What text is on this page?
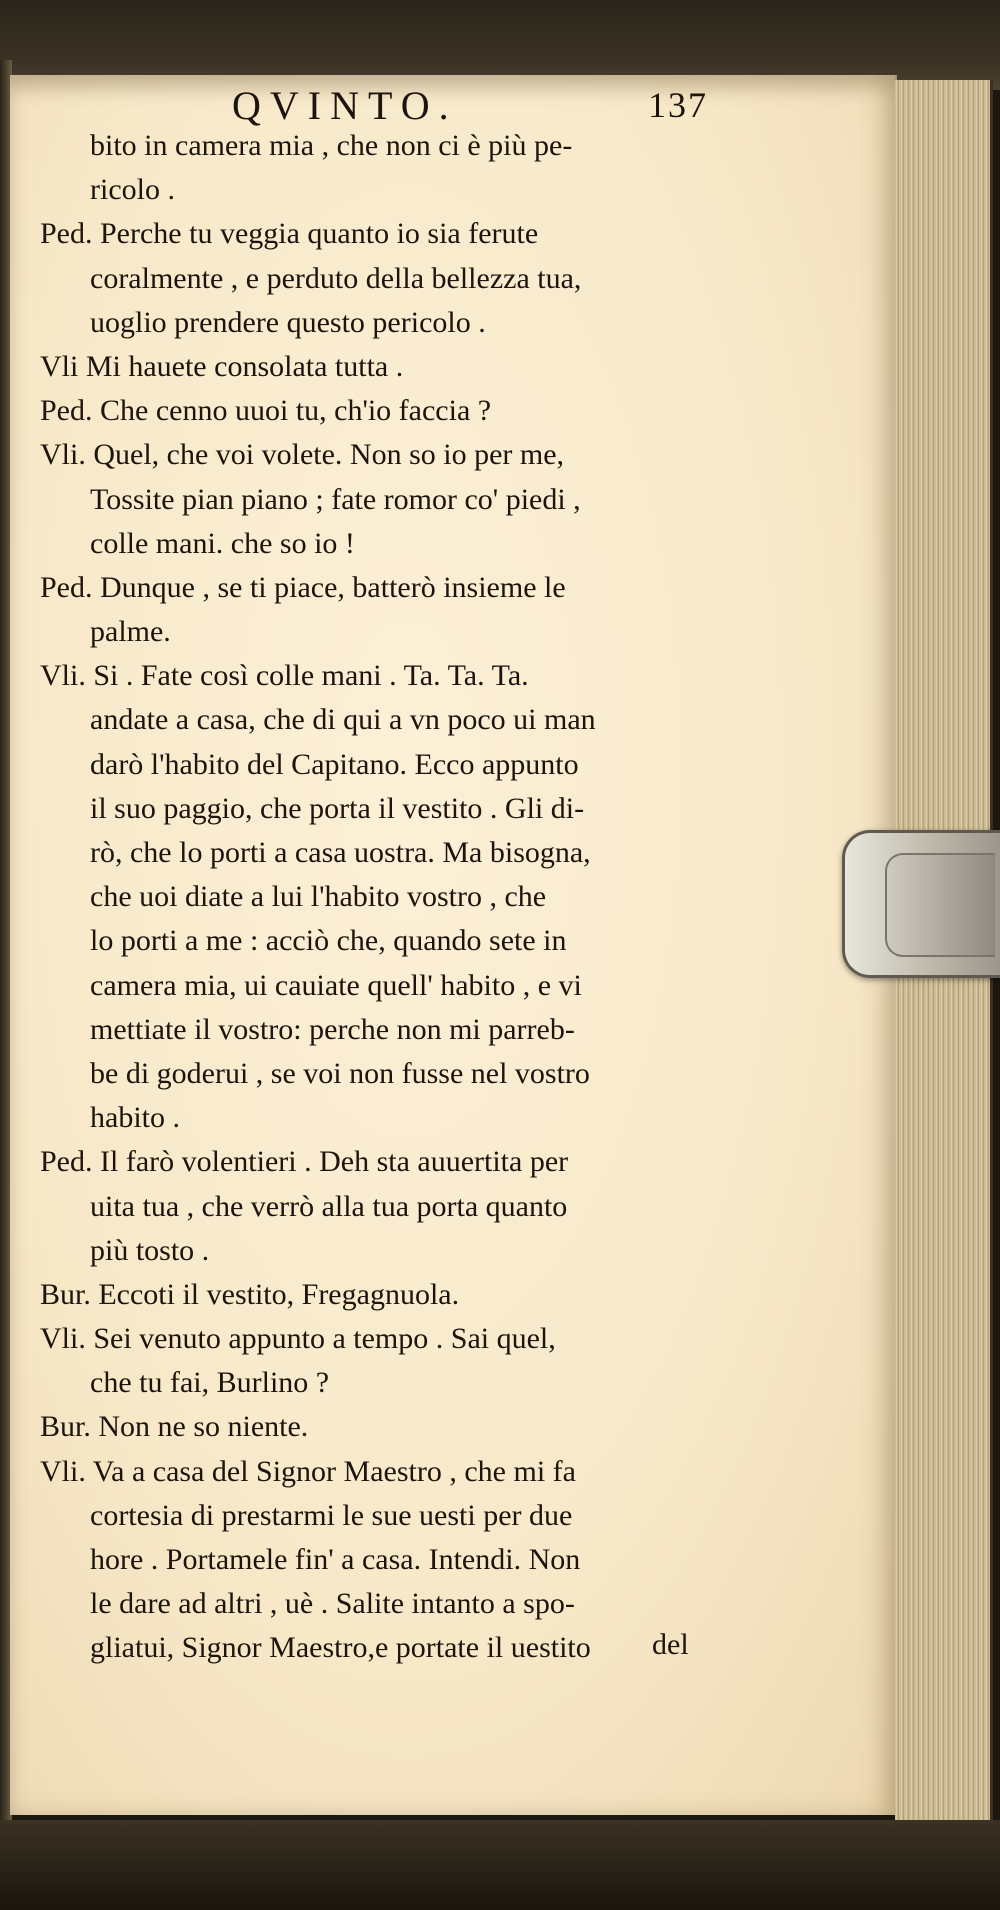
QVINTO.	137
bito in camera mia , che non ci è più pe-
ricolo .
Ped. Perche tu veggia quanto io sia ferute
coralmente , e perduto della bellezza tua,
uoglio prendere questo pericolo .
Vli Mi hauete consolata tutta .
Ped. Che cenno uuoi tu, ch'io faccia ?
Vli. Quel, che voi volete. Non so io per me,
Tossite pian piano ; fate romor co' piedi ,
colle mani. che so io !
Ped. Dunque , se ti piace, batterò insieme le
palme.
Vli. Si . Fate così colle mani . Ta. Ta. Ta.
andate a casa, che di qui a vn poco ui man
darò l'habito del Capitano. Ecco appunto
il suo paggio, che porta il vestito . Gli di-
rò, che lo porti a casa uostra. Ma bisogna,
che uoi diate a lui l'habito vostro , che
lo porti a me : acciò che, quando sete in
camera mia, ui cauiate quell' habito , e vi
mettiate il vostro: perche non mi parreb-
be di goderui , se voi non fusse nel vostro
habito .
Ped. Il farò volentieri . Deh sta auuertita per
uita tua , che verrò alla tua porta quanto
più tosto .
Bur. Eccoti il vestito, Fregagnuola.
Vli. Sei venuto appunto a tempo . Sai quel,
che tu fai, Burlino ?
Bur. Non ne so niente.
Vli. Va a casa del Signor Maestro , che mi fa
cortesia di prestarmi le sue uesti per due
hore . Portamele fin' a casa. Intendi. Non
le dare ad altri , uè . Salite intanto a spo-
gliatui, Signor Maestro,e portate il uestito	del
